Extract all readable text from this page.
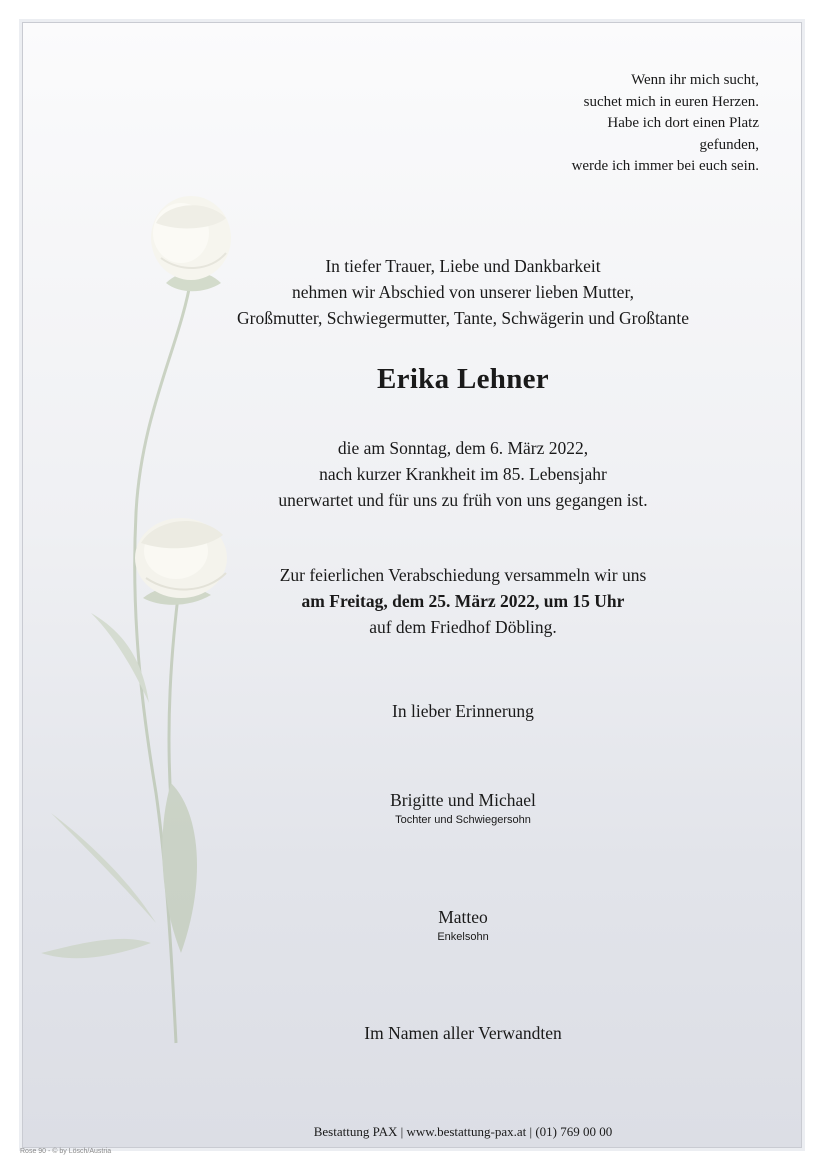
Wenn ihr mich sucht,
suchet mich in euren Herzen.
Habe ich dort einen Platz
gefunden,
werde ich immer bei euch sein.
In tiefer Trauer, Liebe und Dankbarkeit
nehmen wir Abschied von unserer lieben Mutter,
Großmutter, Schwiegermutter, Tante, Schwägerin und Großtante
Erika Lehner
die am Sonntag, dem 6. März 2022,
nach kurzer Krankheit im 85. Lebensjahr
unerwartet und für uns zu früh von uns gegangen ist.
Zur feierlichen Verabschiedung versammeln wir uns
am Freitag, dem 25. März 2022, um 15 Uhr
auf dem Friedhof Döbling.
In lieber Erinnerung
Brigitte und Michael
Tochter und Schwiegersohn
Matteo
Enkelsohn
Im Namen aller Verwandten
Bestattung PAX | www.bestattung-pax.at | (01) 769 00 00
Rose 90 - © by Lösch/Austria
